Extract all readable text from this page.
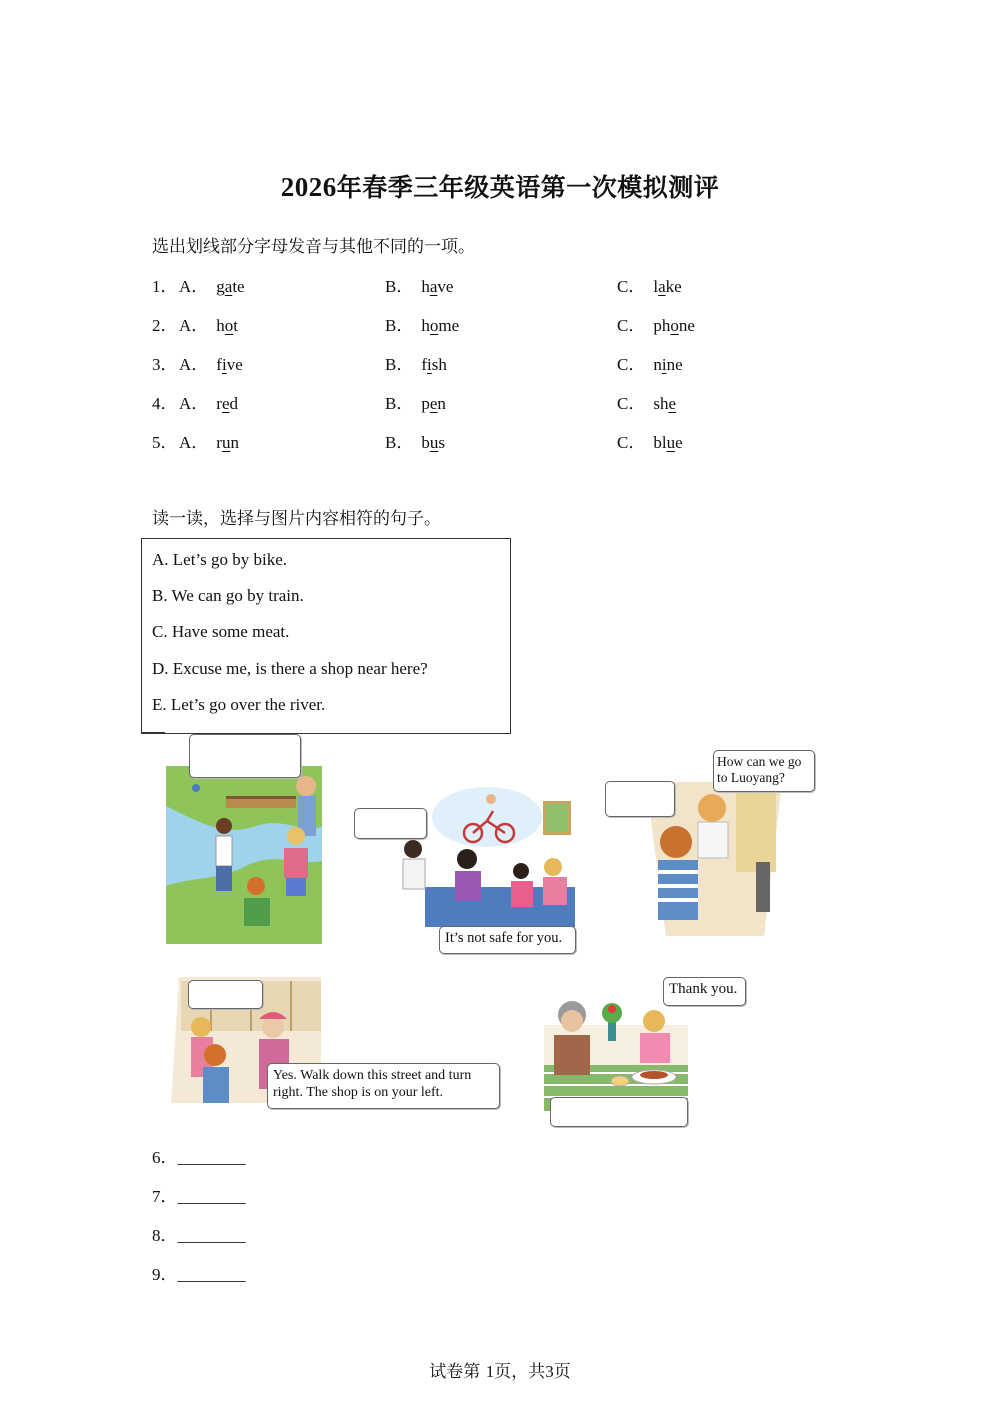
2026年春季三年级英语第一次模拟测评
选出划线部分字母发音与其他不同的一项。
1． A． gate	B． have	C． lake
2． A． hot	B． home	C． phone
3． A． five	B． fish	C． nine
4． A． red	B． pen	C． she
5． A． run	B． bus	C． blue
读一读，选择与图片内容相符的句子。
A. Let’s go by bike.
B. We can go by train.
C. Have some meat.
D. Excuse me, is there a shop near here?
E. Let’s go over the river.
It’s not safe for you.
How can we go
to Luoyang?
Yes. Walk down this street and turn
right. The shop is on your left.
Thank you.
6．________
7．________
8．________
9．________
试卷第 1页，共3页
